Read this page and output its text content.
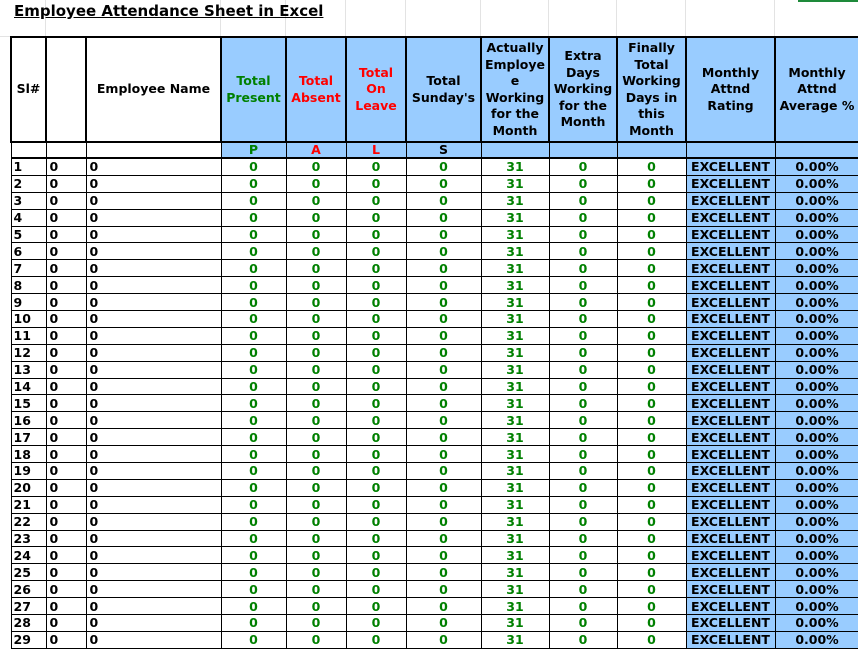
Employee Attendance Sheet in Excel
Sl#		Employee Name	Total Present	Total Absent	Total On Leave	Total Sunday's	Actually Employe e Working for the Month	Extra Days Working for the Month	Finally Total Working Days in this Month	Monthly Attnd Rating	Monthly Attnd Average %
			P	A	L	S					
1	0	0	0	0	0	0	31	0	0	EXCELLENT	0.00%
2	0	0	0	0	0	0	31	0	0	EXCELLENT	0.00%
3	0	0	0	0	0	0	31	0	0	EXCELLENT	0.00%
4	0	0	0	0	0	0	31	0	0	EXCELLENT	0.00%
5	0	0	0	0	0	0	31	0	0	EXCELLENT	0.00%
6	0	0	0	0	0	0	31	0	0	EXCELLENT	0.00%
7	0	0	0	0	0	0	31	0	0	EXCELLENT	0.00%
8	0	0	0	0	0	0	31	0	0	EXCELLENT	0.00%
9	0	0	0	0	0	0	31	0	0	EXCELLENT	0.00%
10	0	0	0	0	0	0	31	0	0	EXCELLENT	0.00%
11	0	0	0	0	0	0	31	0	0	EXCELLENT	0.00%
12	0	0	0	0	0	0	31	0	0	EXCELLENT	0.00%
13	0	0	0	0	0	0	31	0	0	EXCELLENT	0.00%
14	0	0	0	0	0	0	31	0	0	EXCELLENT	0.00%
15	0	0	0	0	0	0	31	0	0	EXCELLENT	0.00%
16	0	0	0	0	0	0	31	0	0	EXCELLENT	0.00%
17	0	0	0	0	0	0	31	0	0	EXCELLENT	0.00%
18	0	0	0	0	0	0	31	0	0	EXCELLENT	0.00%
19	0	0	0	0	0	0	31	0	0	EXCELLENT	0.00%
20	0	0	0	0	0	0	31	0	0	EXCELLENT	0.00%
21	0	0	0	0	0	0	31	0	0	EXCELLENT	0.00%
22	0	0	0	0	0	0	31	0	0	EXCELLENT	0.00%
23	0	0	0	0	0	0	31	0	0	EXCELLENT	0.00%
24	0	0	0	0	0	0	31	0	0	EXCELLENT	0.00%
25	0	0	0	0	0	0	31	0	0	EXCELLENT	0.00%
26	0	0	0	0	0	0	31	0	0	EXCELLENT	0.00%
27	0	0	0	0	0	0	31	0	0	EXCELLENT	0.00%
28	0	0	0	0	0	0	31	0	0	EXCELLENT	0.00%
29	0	0	0	0	0	0	31	0	0	EXCELLENT	0.00%
